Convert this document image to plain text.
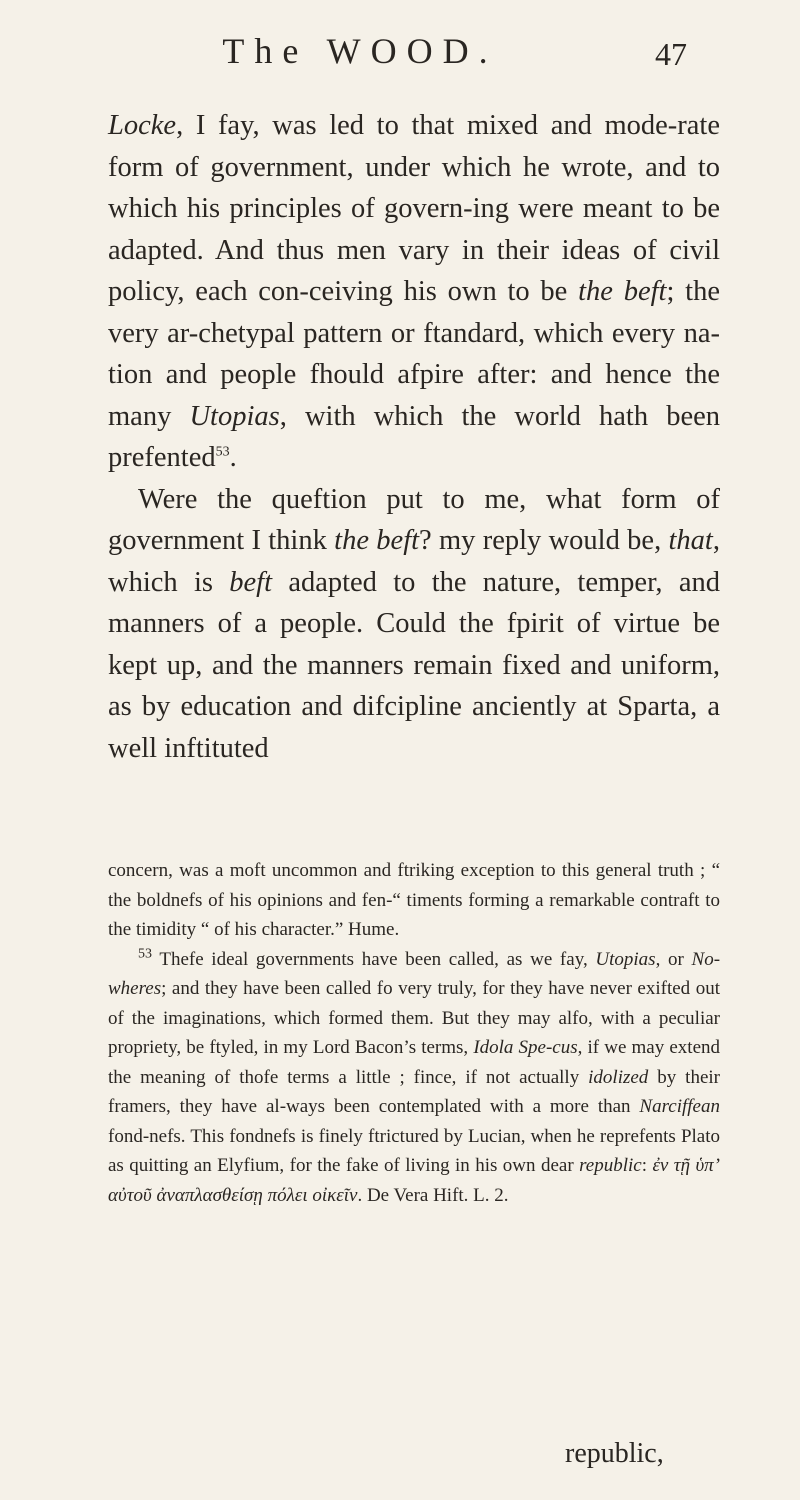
The WOOD.	47

Locke, I fay, was led to that mixed and mode-rate form of government, under which he wrote, and to which his principles of govern-ing were meant to be adapted. And thus men vary in their ideas of civil policy, each con-ceiving his own to be the beft; the very ar-chetypal pattern or ftandard, which every na-tion and people fhould afpire after: and hence the many Utopias, with which the world hath been prefented$^{53}$.

Were the queftion put to me, what form of government I think the beft? my reply would be, that, which is beft adapted to the nature, temper, and manners of a people. Could the fpirit of virtue be kept up, and the manners remain fixed and uniform, as by education and difcipline anciently at Sparta, a well inftituted

concern, was a moft uncommon and ftriking exception to this general truth ; “ the boldnefs of his opinions and fen-“ timents forming a remarkable contraft to the timidity “ of his character.” Hume.

$^{53}$ Thefe ideal governments have been called, as we fay, Utopias, or No-wheres; and they have been called fo very truly, for they have never exifted out of the imaginations, which formed them. But they may alfo, with a peculiar propriety, be ftyled, in my Lord Bacon’s terms, Idola Spe-cus, if we may extend the meaning of thofe terms a little ; fince, if not actually idolized by their framers, they have al-ways been contemplated with a more than Narciffean fond-nefs. This fondnefs is finely ftrictured by Lucian, when he reprefents Plato as quitting an Elyfium, for the fake of living in his own dear republic: ἐν τῇ ὑπ’ αὐτοῦ ἀναπλασθείσῃ πόλει οἰκεῖν. De Vera Hift. L. 2.

republic,
